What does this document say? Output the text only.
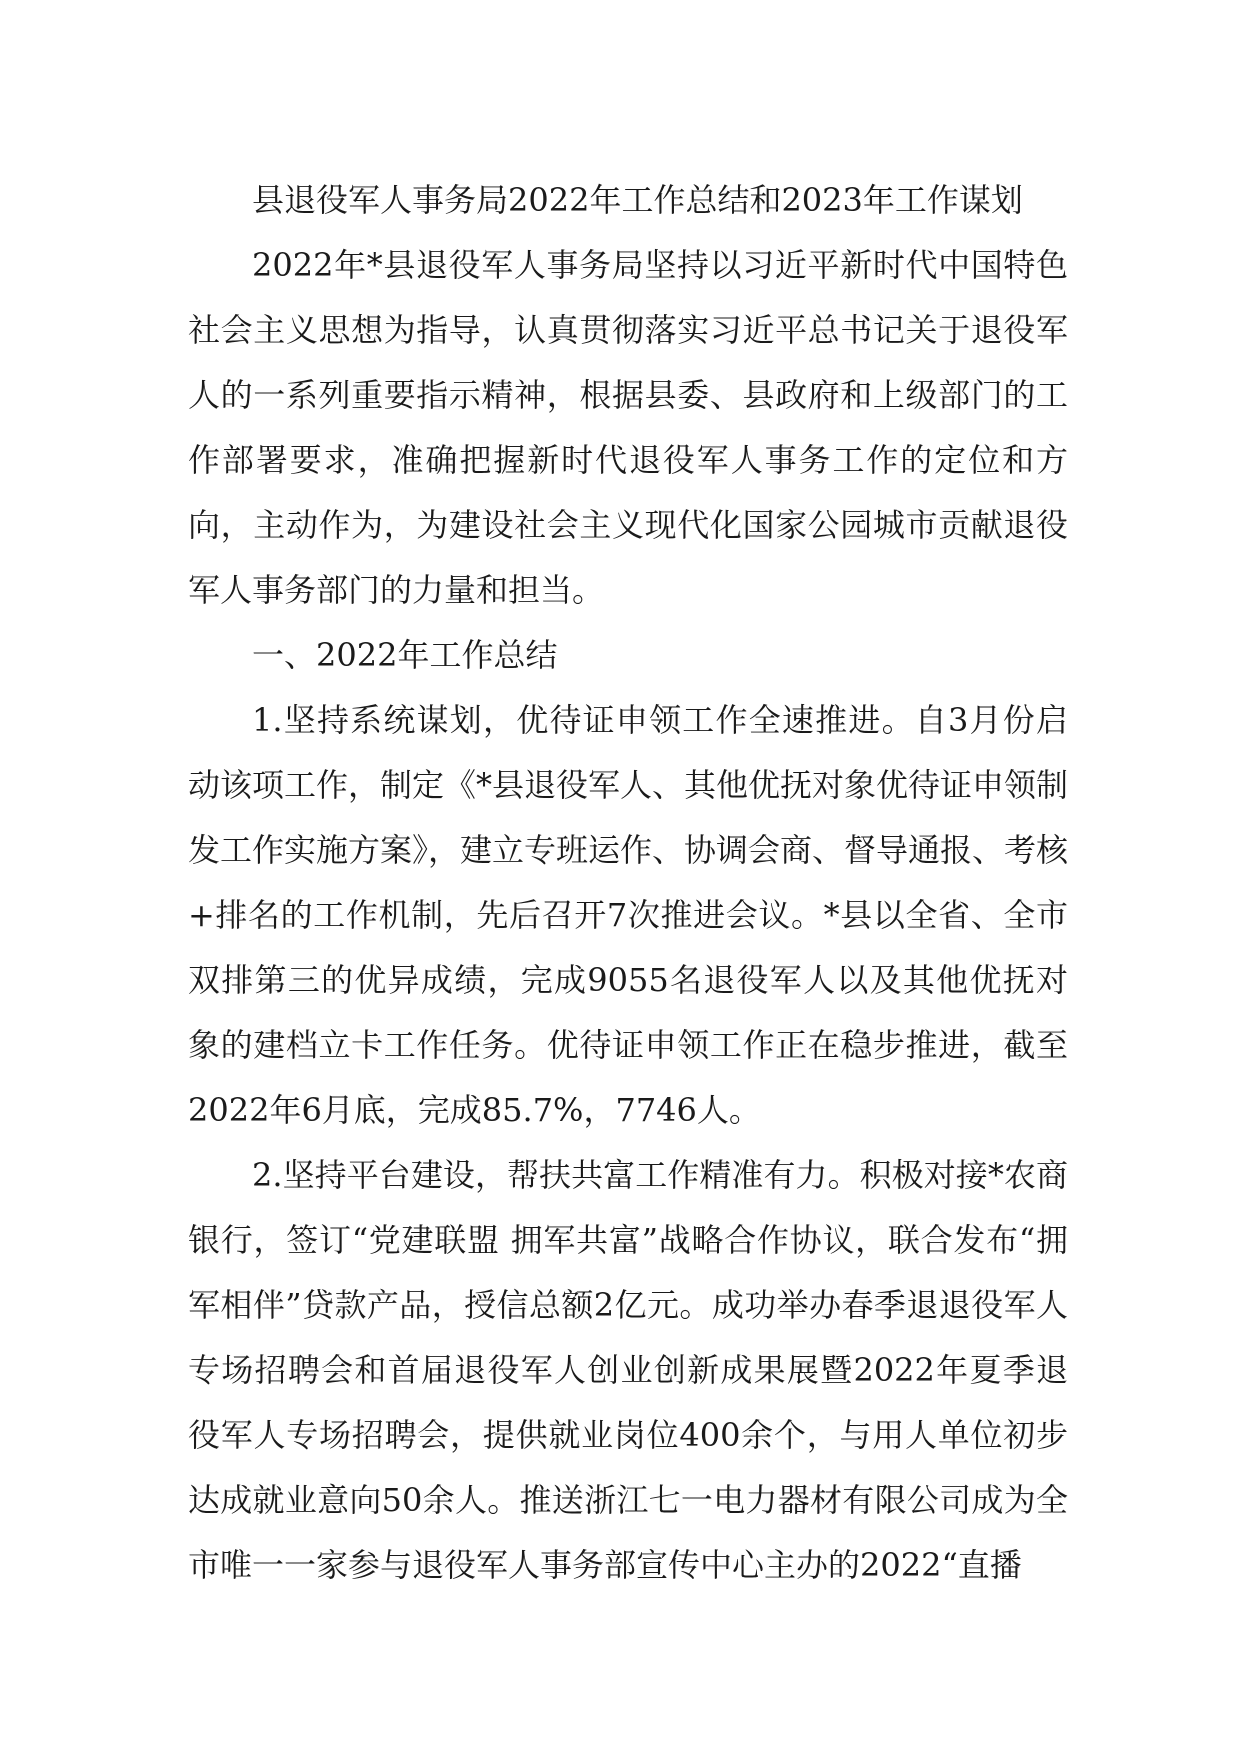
县退役军人事务局2022年工作总结和2023年工作谋划

2022年*县退役军人事务局坚持以习近平新时代中国特色社会主义思想为指导，认真贯彻落实习近平总书记关于退役军人的一系列重要指示精神，根据县委、县政府和上级部门的工作部署要求，准确把握新时代退役军人事务工作的定位和方向，主动作为，为建设社会主义现代化国家公园城市贡献退役军人事务部门的力量和担当。

一、2022年工作总结

1.坚持系统谋划，优待证申领工作全速推进。自3月份启动该项工作，制定《*县退役军人、其他优抚对象优待证申领制发工作实施方案》，建立专班运作、协调会商、督导通报、考核+排名的工作机制，先后召开7次推进会议。*县以全省、全市双排第三的优异成绩，完成9055名退役军人以及其他优抚对象的建档立卡工作任务。优待证申领工作正在稳步推进，截至2022年6月底，完成85.7%，7746人。

2.坚持平台建设，帮扶共富工作精准有力。积极对接*农商银行，签订“党建联盟 拥军共富”战略合作协议，联合发布“拥军相伴”贷款产品，授信总额2亿元。成功举办春季退退役军人专场招聘会和首届退役军人创业创新成果展暨2022年夏季退役军人专场招聘会，提供就业岗位400余个，与用人单位初步达成就业意向50余人。推送浙江七一电力器材有限公司成为全市唯一一家参与退役军人事务部宣传中心主办的2022“直播
